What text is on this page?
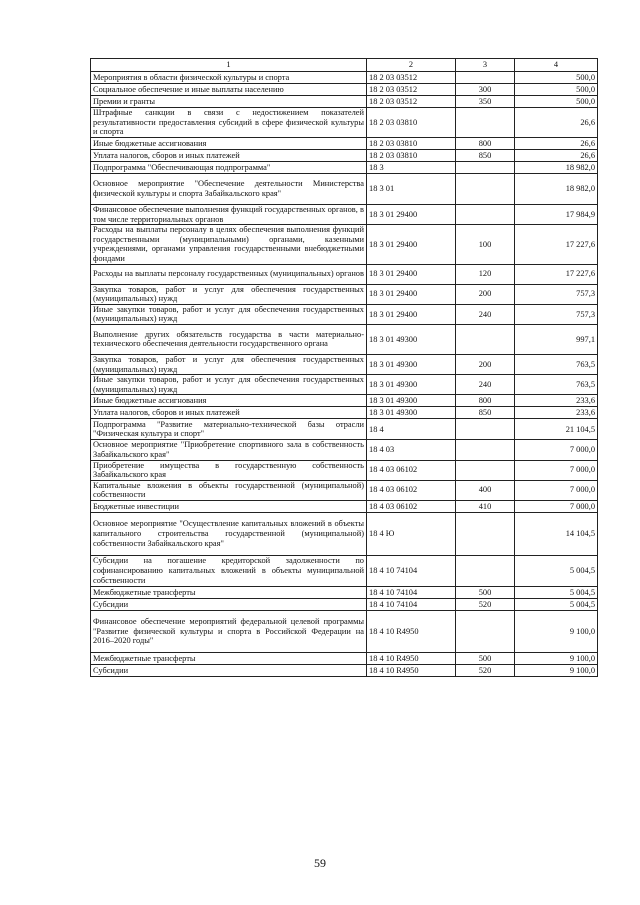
1	2	3	4
Мероприятия в области физической культуры и спорта	18 2 03 03512		500,0
Социальное обеспечение и иные выплаты населению	18 2 03 03512	300	500,0
Премии и гранты	18 2 03 03512	350	500,0
Штрафные санкции в связи с недостижением показателей результативности предоставления субсидий в сфере физической культуры и спорта	18 2 03 03810		26,6
Иные бюджетные ассигнования	18 2 03 03810	800	26,6
Уплата налогов, сборов и иных платежей	18 2 03 03810	850	26,6
Подпрограмма "Обеспечивающая подпрограмма"	18 3		18 982,0
Основное мероприятие "Обеспечение деятельности Министерства физической культуры и спорта Забайкальского края"	18 3 01		18 982,0
Финансовое обеспечение выполнения функций государственных органов, в том числе территориальных органов	18 3 01 29400		17 984,9
Расходы на выплаты персоналу в целях обеспечения выполнения функций государственными (муниципальными) органами, казенными учреждениями, органами управления государственными внебюджетными фондами	18 3 01 29400	100	17 227,6
Расходы на выплаты персоналу государственных (муниципальных) органов	18 3 01 29400	120	17 227,6
Закупка товаров, работ и услуг для обеспечения государственных (муниципальных) нужд	18 3 01 29400	200	757,3
Иные закупки товаров, работ и услуг для обеспечения государственных (муниципальных) нужд	18 3 01 29400	240	757,3
Выполнение других обязательств государства в части материально-технического обеспечения деятельности государственного органа	18 3 01 49300		997,1
Закупка товаров, работ и услуг для обеспечения государственных (муниципальных) нужд	18 3 01 49300	200	763,5
Иные закупки товаров, работ и услуг для обеспечения государственных (муниципальных) нужд	18 3 01 49300	240	763,5
Иные бюджетные ассигнования	18 3 01 49300	800	233,6
Уплата налогов, сборов и иных платежей	18 3 01 49300	850	233,6
Подпрограмма "Развитие материально-технической базы отрасли "Физическая культура и спорт"	18 4		21 104,5
Основное мероприятие "Приобретение спортивного зала в собственность Забайкальского края"	18 4 03		7 000,0
Приобретение имущества в государственную собственность Забайкальского края	18 4 03 06102		7 000,0
Капитальные вложения в объекты государственной (муниципальной) собственности	18 4 03 06102	400	7 000,0
Бюджетные инвестиции	18 4 03 06102	410	7 000,0
Основное мероприятие "Осуществление капитальных вложений в объекты капитального строительства государственной (муниципальной) собственности Забайкальского края"	18 4 Ю		14 104,5
Субсидии на погашение кредиторской задолженности по софинансированию капитальных вложений в объекты муниципальной собственности	18 4 10 74104		5 004,5
Межбюджетные трансферты	18 4 10 74104	500	5 004,5
Субсидии	18 4 10 74104	520	5 004,5
Финансовое обеспечение мероприятий федеральной целевой программы "Развитие физической культуры и спорта в Российской Федерации на 2016–2020 годы"	18 4 10 R4950		9 100,0
Межбюджетные трансферты	18 4 10 R4950	500	9 100,0
Субсидии	18 4 10 R4950	520	9 100,0
59
